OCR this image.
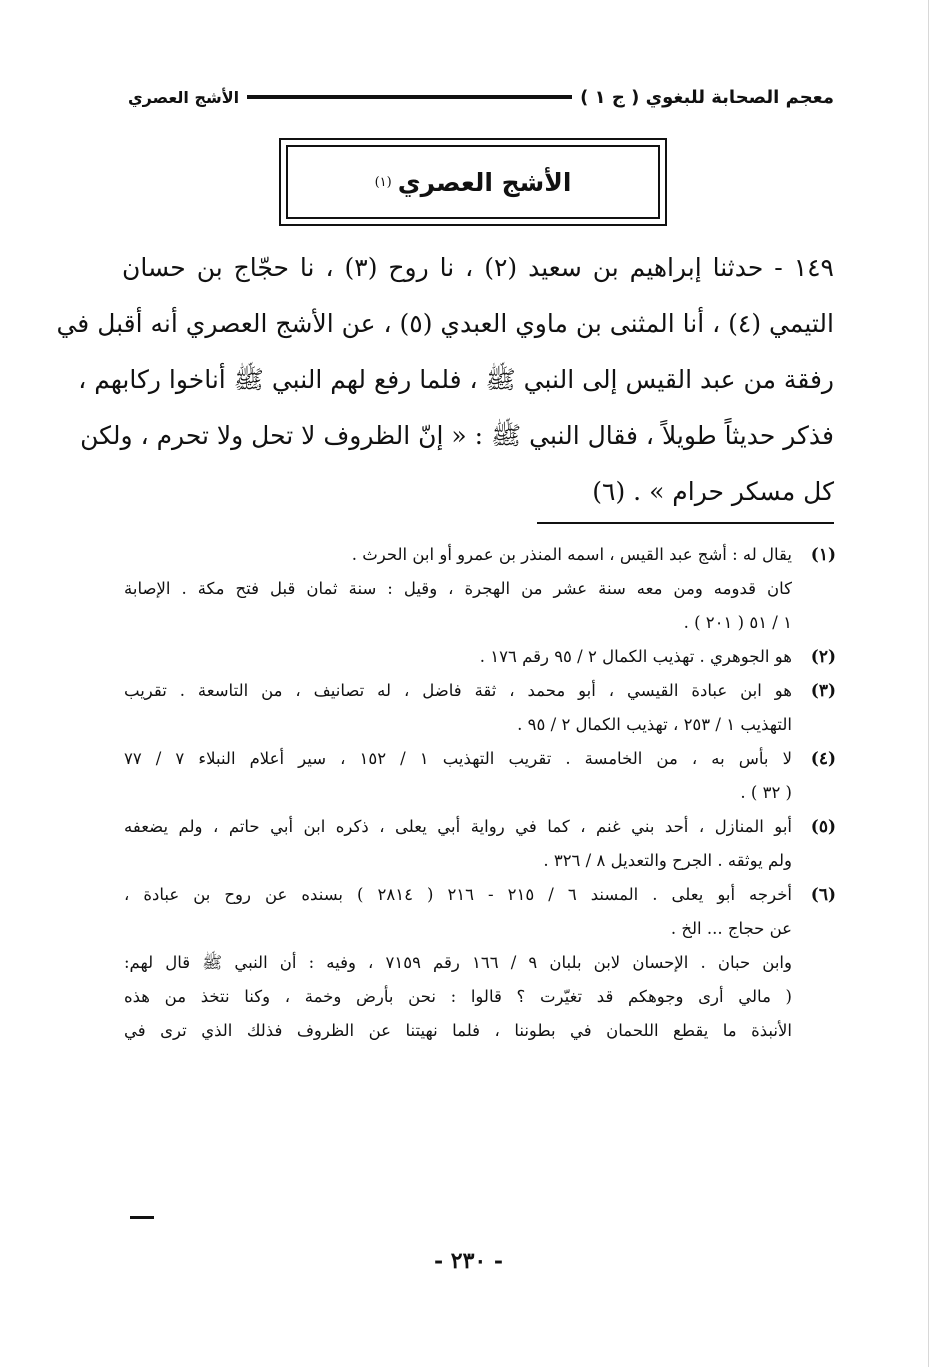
معجم الصحابة للبغوي ( ج ١ )
الأشج العصري
الأشج العصري
(١)
١٤٩ - حدثنا إبراهيم بن سعيد (٢) ، نا روح (٣) ، نا حجّاج بن حسان
التيمي (٤) ، أنا المثنى بن ماوي العبدي (٥) ، عن الأشج العصري أنه أقبل في
رفقة من عبد القيس إلى النبي ﷺ ، فلما رفع لهم النبي ﷺ أناخوا ركابهم ،
فذكر حديثاً طويلاً ، فقال النبي ﷺ : « إنّ الظروف لا تحل ولا تحرم ، ولكن
كل مسكر حرام » . (٦)
(١)
يقال له : أشج عبد القيس ، اسمه المنذر بن عمرو أو ابن الحرث .
كان قدومه ومن معه سنة عشر من الهجرة ، وقيل : سنة ثمان قبل فتح مكة . الإصابة
١ / ٥١ ( ٢٠١ ) .
(٢)
هو الجوهري . تهذيب الكمال ٢ / ٩٥ رقم ١٧٦ .
(٣)
هو ابن عبادة القيسي ، أبو محمد ، ثقة فاضل ، له تصانيف ، من التاسعة . تقريب
التهذيب ١ / ٢٥٣ ، تهذيب الكمال ٢ / ٩٥ .
(٤)
لا بأس به ، من الخامسة . تقريب التهذيب ١ / ١٥٢ ، سير أعلام النبلاء ٧ / ٧٧
( ٣٢ ) .
(٥)
أبو المنازل ، أحد بني غنم ، كما في رواية أبي يعلى ، ذكره ابن أبي حاتم ، ولم يضعفه
ولم يوثقه . الجرح والتعديل ٨ / ٣٢٦ .
(٦)
أخرجه أبو يعلى . المسند ٦ / ٢١٥ - ٢١٦ ( ٢٨١٤ ) بسنده عن روح بن عبادة ،
عن حجاج ... الخ .
وابن حبان . الإحسان لابن بلبان ٩ / ١٦٦ رقم ٧١٥٩ ، وفيه : أن النبي ﷺ قال لهم:
( مالي أرى وجوهكم قد تغيّرت ؟ قالوا : نحن بأرض وخمة ، وكنا نتخذ من هذه
الأنبذة ما يقطع اللحمان في بطوننا ، فلما نهيتنا عن الظروف فذلك الذي ترى في
- ٢٣٠ -
